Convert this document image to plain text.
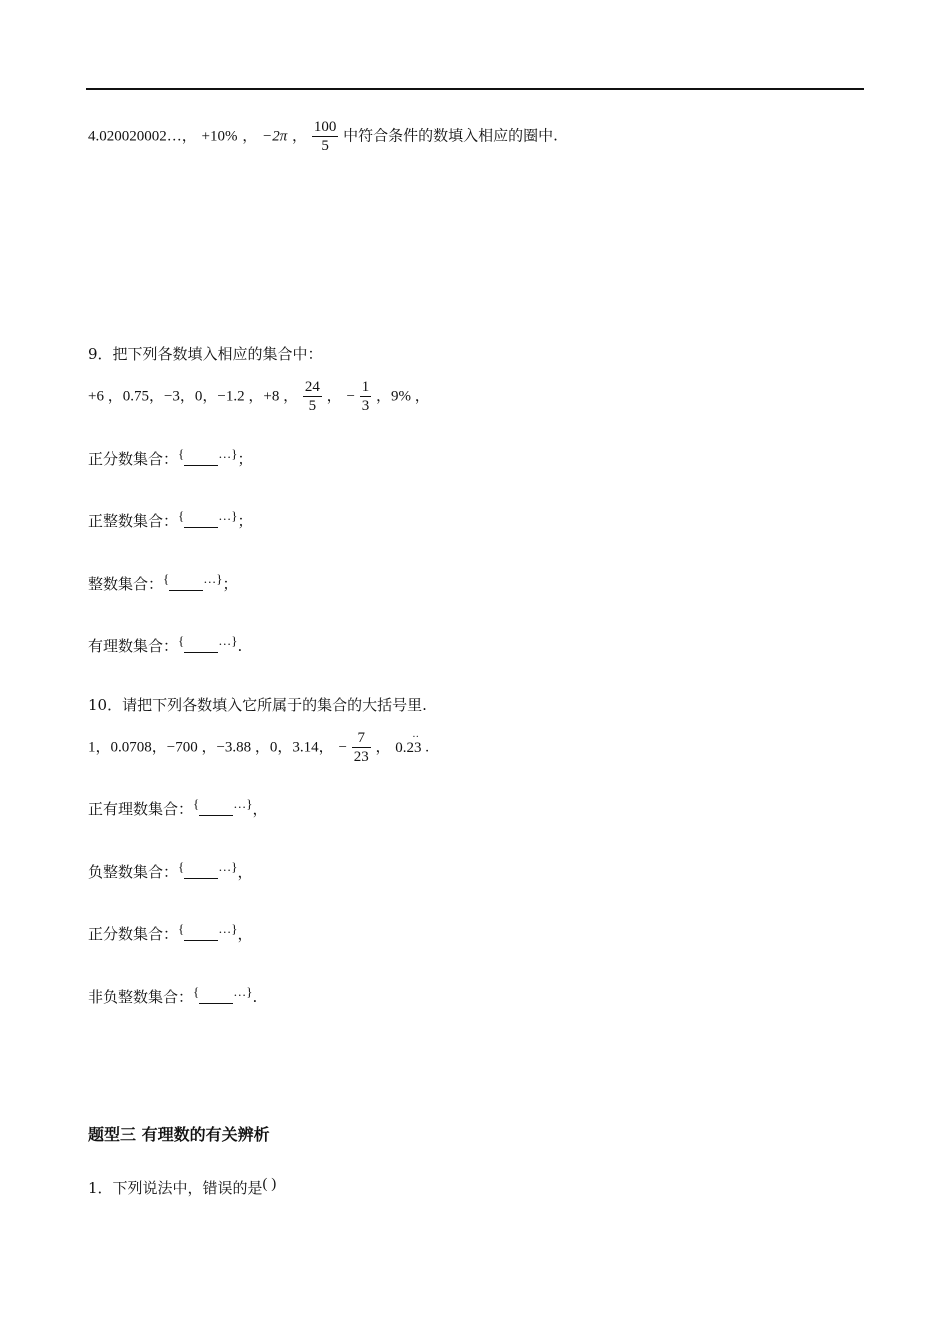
4.020020002…， +10% ， −2π ， $\frac{100}{5}$ 中符合条件的数填入相应的圈中.
9．把下列各数填入相应的集合中：
+6 ，0.75，−3，0，−1.2 ，+8 ， $\frac{24}{5}$ ， − $\frac{1}{3}$ ，9% ，
正分数集合：{	…}；
正整数集合：{	…}；
整数集合：{	…}；
有理数集合：{	…}.
10．请把下列各数填入它所属于的集合的大括号里.
1，0.0708，−700 ，−3.88 ，0，3.14， − $\frac{7}{23}$ ， 0.23
··
.
正有理数集合：{	…}，
负整数集合：{	…}，
正分数集合：{	…}，
非负整数集合：{	…}.
题型三 有理数的有关辨析
1．下列说法中，错误的是( )
